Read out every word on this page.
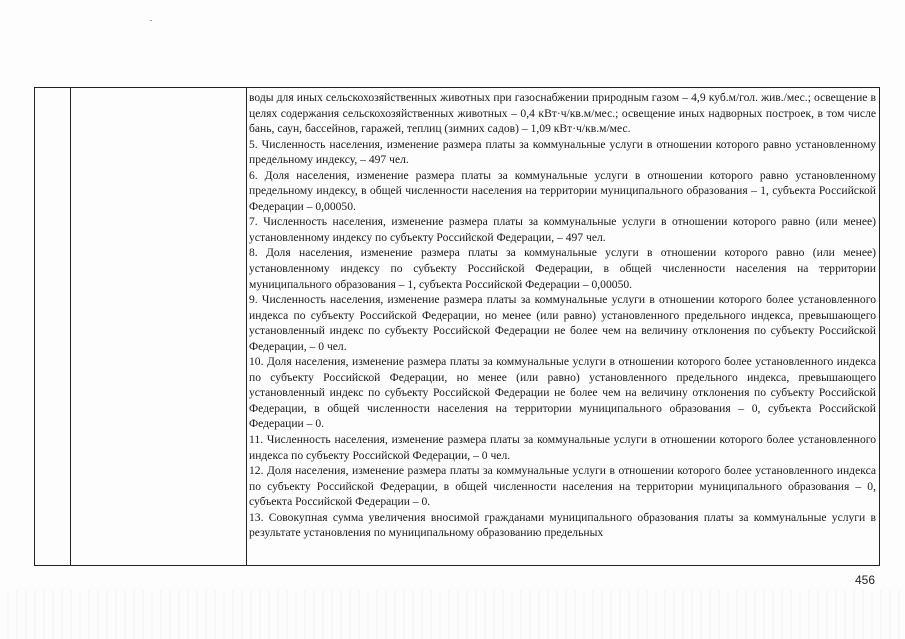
воды для иных сельскохозяйственных животных при газоснабжении природным газом – 4,9 куб.м/гол. жив./мес.; освещение в целях содержания сельскохозяйственных животных – 0,4 кВт·ч/кв.м/мес.; освещение иных надворных построек, в том числе бань, саун, бассейнов, гаражей, теплиц (зимних садов) – 1,09 кВт·ч/кв.м/мес.

5. Численность населения, изменение размера платы за коммунальные услуги в отношении которого равно установленному предельному индексу, – 497 чел.

6. Доля населения, изменение размера платы за коммунальные услуги в отношении которого равно установленному предельному индексу, в общей численности населения на территории муниципального образования – 1, субъекта Российской Федерации – 0,00050.

7. Численность населения, изменение размера платы за коммунальные услуги в отношении которого равно (или менее) установленному индексу по субъекту Российской Федерации, – 497 чел.

8. Доля населения, изменение размера платы за коммунальные услуги в отношении которого равно (или менее) установленному индексу по субъекту Российской Федерации, в общей численности населения на территории муниципального образования – 1, субъекта Российской Федерации – 0,00050.

9. Численность населения, изменение размера платы за коммунальные услуги в отношении которого более установленного индекса по субъекту Российской Федерации, но менее (или равно) установленного предельного индекса, превышающего установленный индекс по субъекту Российской Федерации не более чем на величину отклонения по субъекту Российской Федерации, – 0 чел.

10. Доля населения, изменение размера платы за коммунальные услуги в отношении которого более установленного индекса по субъекту Российской Федерации, но менее (или равно) установленного предельного индекса, превышающего установленный индекс по субъекту Российской Федерации не более чем на величину отклонения по субъекту Российской Федерации, в общей численности населения на территории муниципального образования – 0, субъекта Российской Федерации – 0.

11. Численность населения, изменение размера платы за коммунальные услуги в отношении которого более установленного индекса по субъекту Российской Федерации, – 0 чел.

12. Доля населения, изменение размера платы за коммунальные услуги в отношении которого более установленного индекса по субъекту Российской Федерации, в общей численности населения на территории муниципального образования – 0, субъекта Российской Федерации – 0.

13. Совокупная сумма увеличения вносимой гражданами муниципального образования платы за коммунальные услуги в результате установления по муниципальному образованию предельных

456
